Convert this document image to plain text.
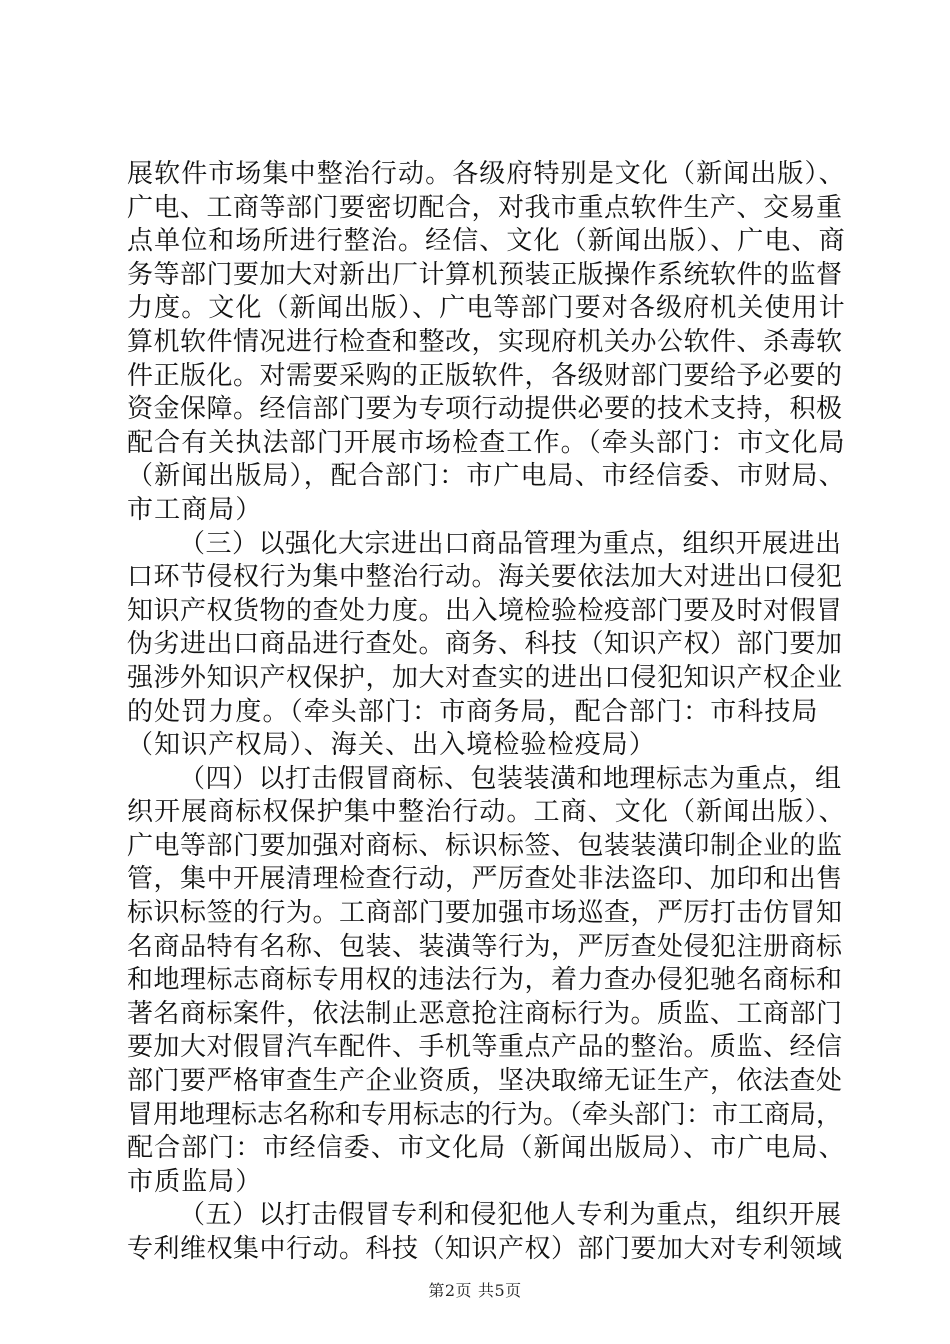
展软件市场集中整治行动。各级府特别是文化（新闻出版）、
广电、工商等部门要密切配合，对我市重点软件生产、交易重
点单位和场所进行整治。经信、文化（新闻出版）、广电、商
务等部门要加大对新出厂计算机预装正版操作系统软件的监督
力度。文化（新闻出版）、广电等部门要对各级府机关使用计
算机软件情况进行检查和整改，实现府机关办公软件、杀毒软
件正版化。对需要采购的正版软件，各级财部门要给予必要的
资金保障。经信部门要为专项行动提供必要的技术支持，积极
配合有关执法部门开展市场检查工作。（牵头部门：市文化局
（新闻出版局），配合部门：市广电局、市经信委、市财局、
市工商局）
（三）以强化大宗进出口商品管理为重点，组织开展进出
口环节侵权行为集中整治行动。海关要依法加大对进出口侵犯
知识产权货物的查处力度。出入境检验检疫部门要及时对假冒
伪劣进出口商品进行查处。商务、科技（知识产权）部门要加
强涉外知识产权保护，加大对查实的进出口侵犯知识产权企业
的处罚力度。（牵头部门：市商务局，配合部门：市科技局
（知识产权局）、海关、出入境检验检疫局）
（四）以打击假冒商标、包装装潢和地理标志为重点，组
织开展商标权保护集中整治行动。工商、文化（新闻出版）、
广电等部门要加强对商标、标识标签、包装装潢印制企业的监
管，集中开展清理检查行动，严厉查处非法盗印、加印和出售
标识标签的行为。工商部门要加强市场巡查，严厉打击仿冒知
名商品特有名称、包装、装潢等行为，严厉查处侵犯注册商标
和地理标志商标专用权的违法行为，着力查办侵犯驰名商标和
著名商标案件，依法制止恶意抢注商标行为。质监、工商部门
要加大对假冒汽车配件、手机等重点产品的整治。质监、经信
部门要严格审查生产企业资质，坚决取缔无证生产，依法查处
冒用地理标志名称和专用标志的行为。（牵头部门：市工商局，
配合部门：市经信委、市文化局（新闻出版局）、市广电局、
市质监局）
（五）以打击假冒专利和侵犯他人专利为重点，组织开展
专利维权集中行动。科技（知识产权）部门要加大对专利领域
第2页 共5页
